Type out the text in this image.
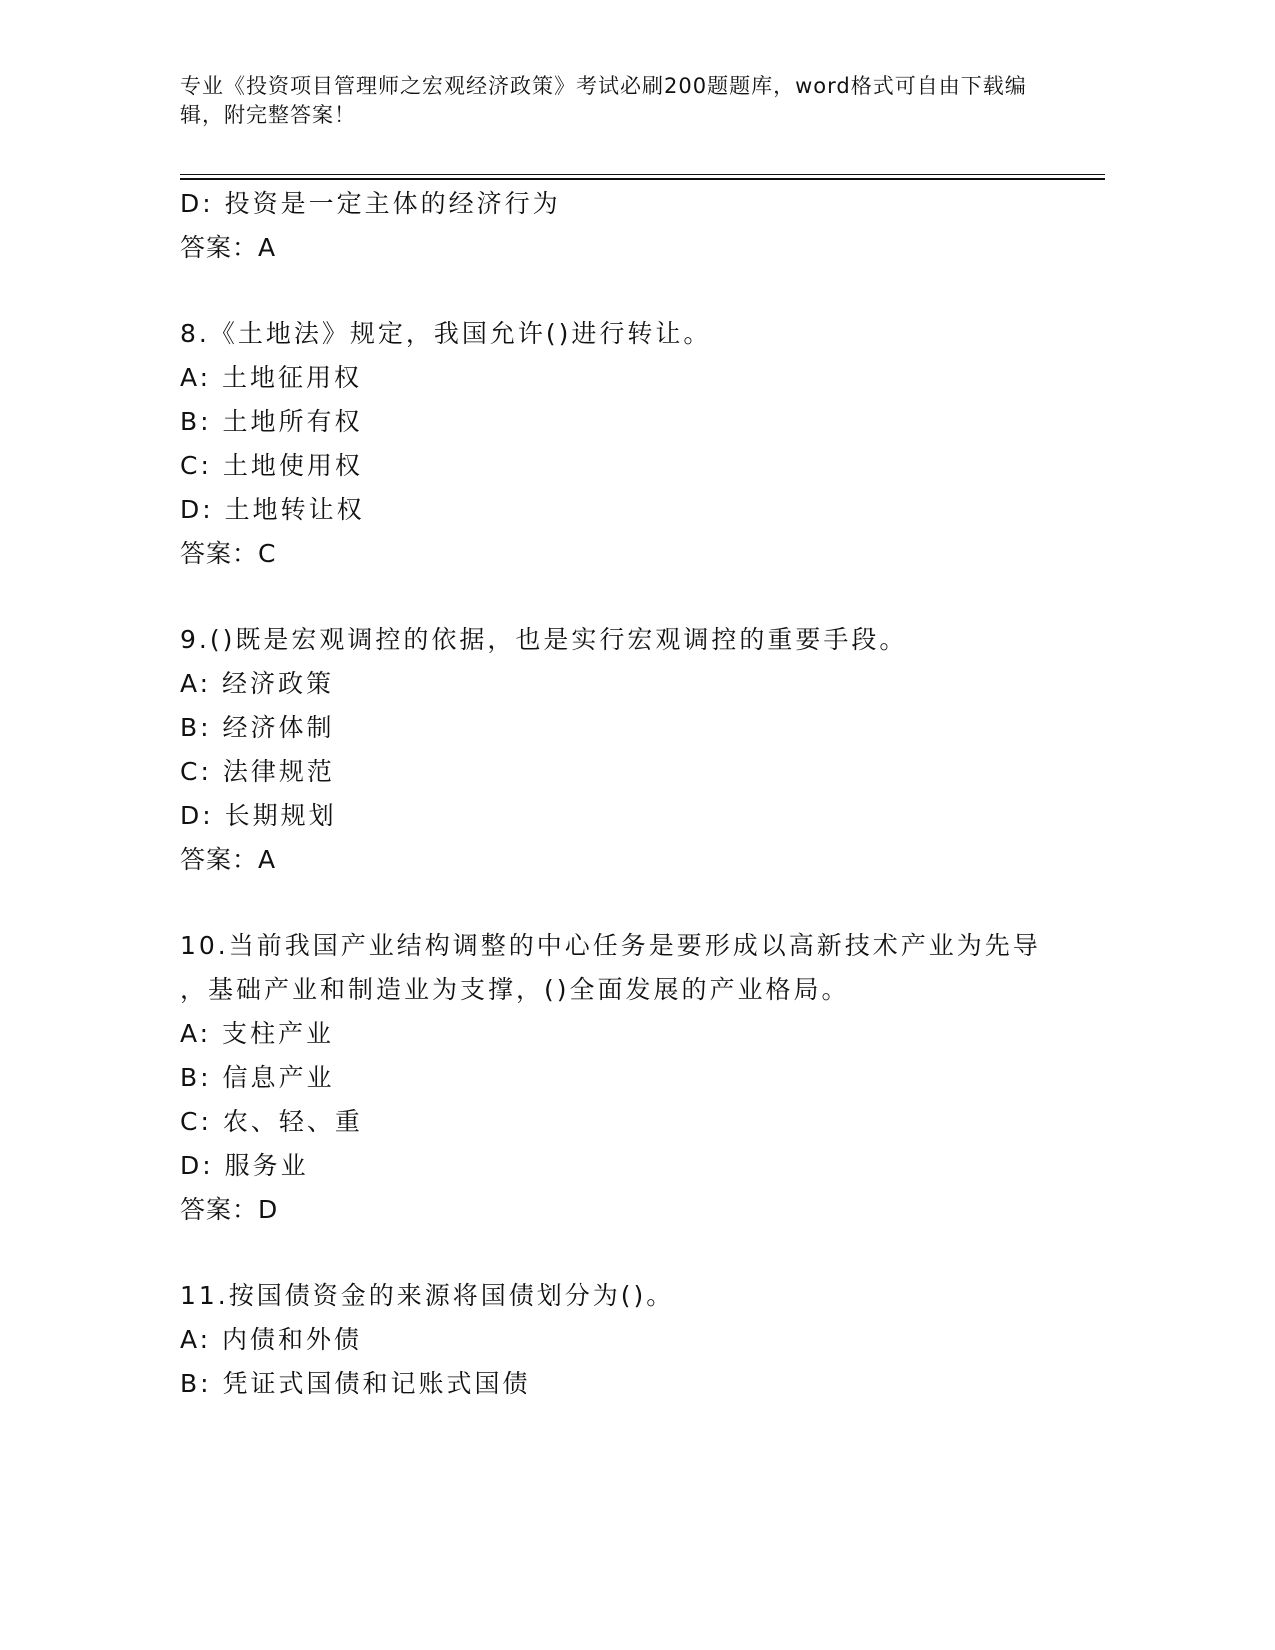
专业《投资项目管理师之宏观经济政策》考试必刷200题题库，word格式可自由下载编辑，附完整答案！
D: 投资是一定主体的经济行为
答案：A
8.《土地法》规定，我国允许()进行转让。
A: 土地征用权
B: 土地所有权
C: 土地使用权
D: 土地转让权
答案：C
9.()既是宏观调控的依据，也是实行宏观调控的重要手段。
A: 经济政策
B: 经济体制
C: 法律规范
D: 长期规划
答案：A
10.当前我国产业结构调整的中心任务是要形成以高新技术产业为先导
，基础产业和制造业为支撑，()全面发展的产业格局。
A: 支柱产业
B: 信息产业
C: 农、轻、重
D: 服务业
答案：D
11.按国债资金的来源将国债划分为()。
A: 内债和外债
B: 凭证式国债和记账式国债
